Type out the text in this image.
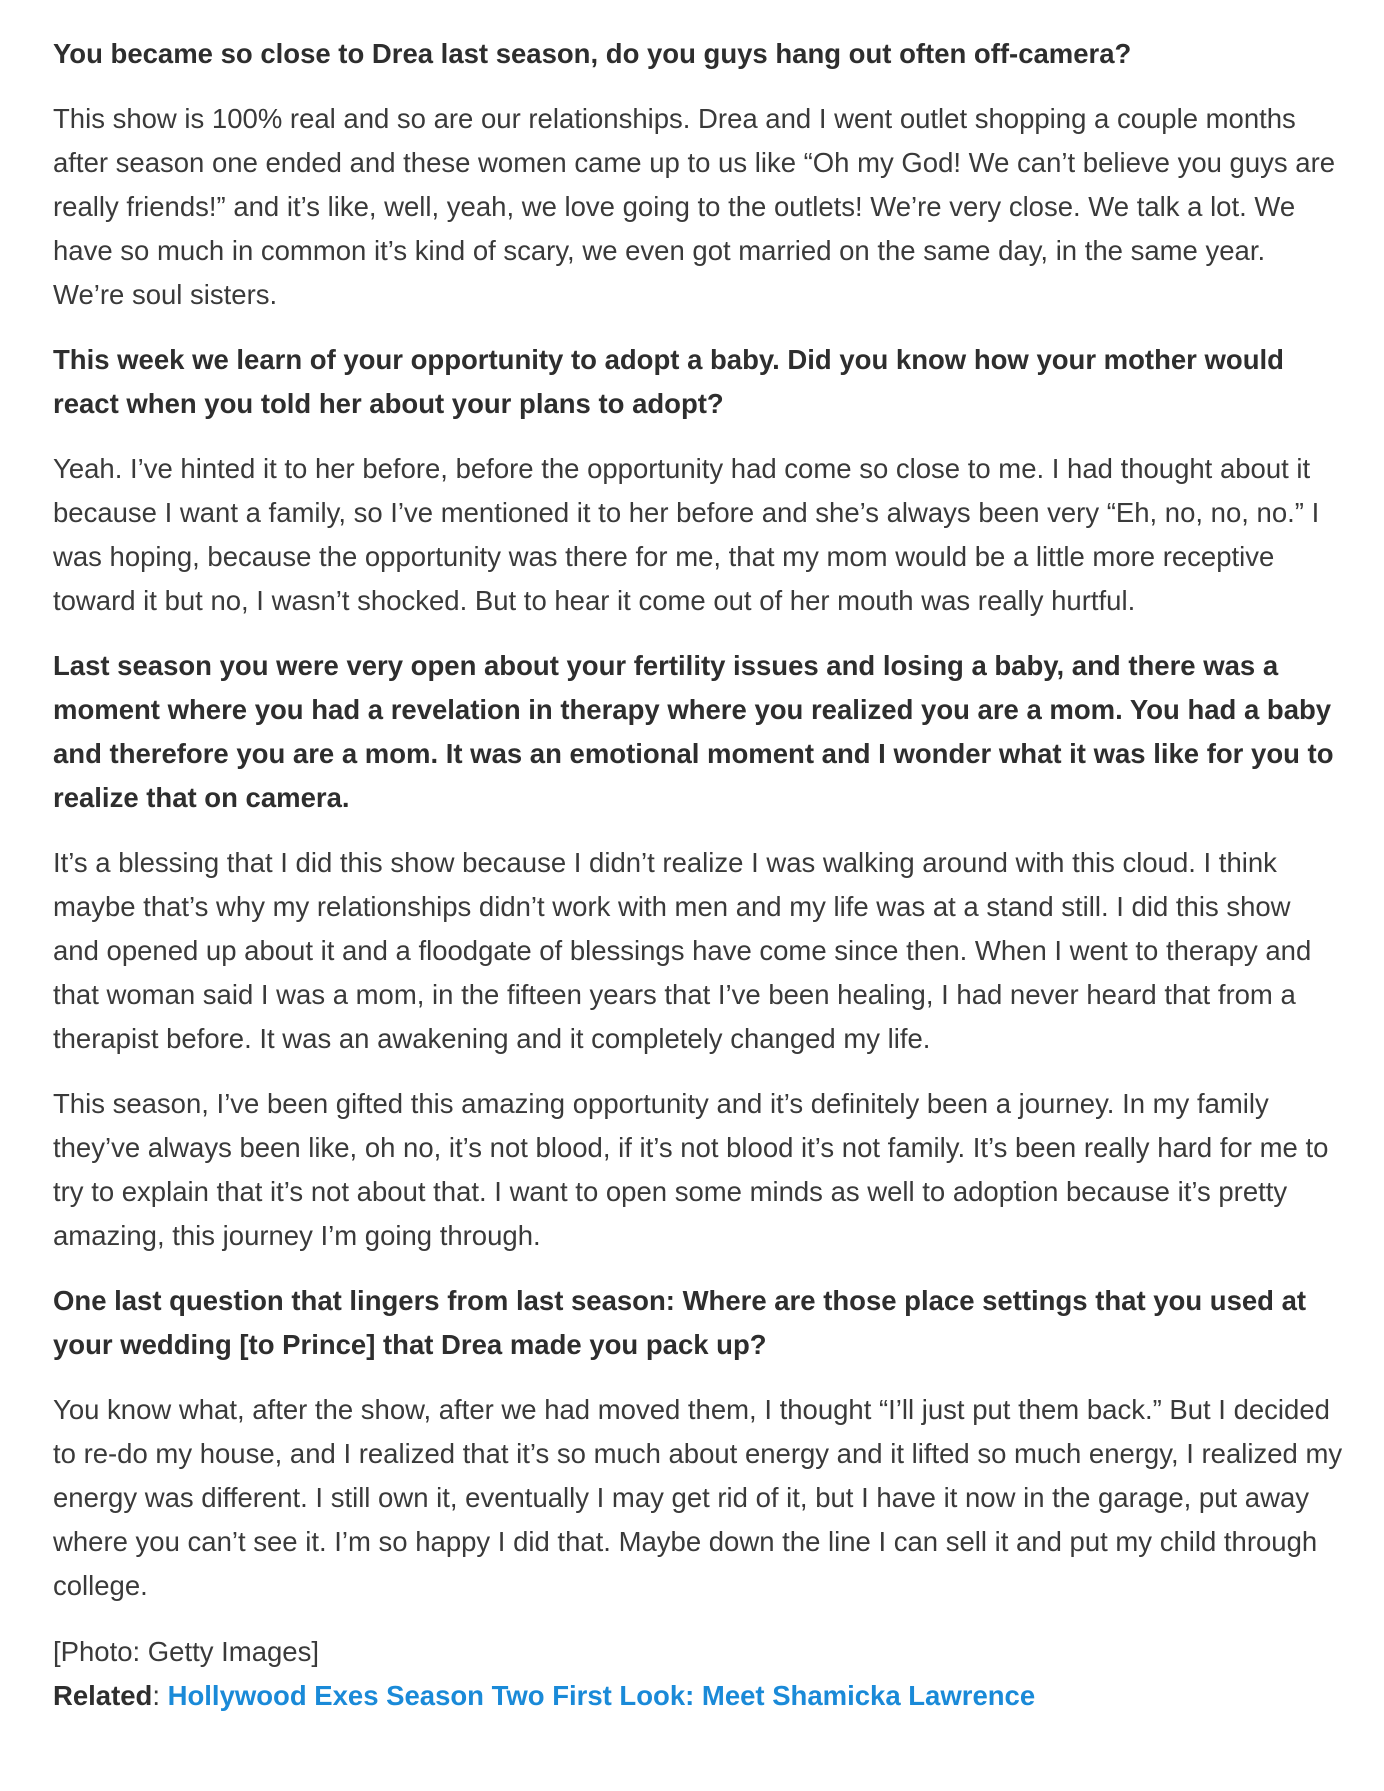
You became so close to Drea last season, do you guys hang out often off-camera?

This show is 100% real and so are our relationships. Drea and I went outlet shopping a couple months after season one ended and these women came up to us like “Oh my God! We can’t believe you guys are really friends!” and it’s like, well, yeah, we love going to the outlets! We’re very close. We talk a lot. We have so much in common it’s kind of scary, we even got married on the same day, in the same year. We’re soul sisters.

This week we learn of your opportunity to adopt a baby. Did you know how your mother would react when you told her about your plans to adopt?

Yeah. I’ve hinted it to her before, before the opportunity had come so close to me. I had thought about it because I want a family, so I’ve mentioned it to her before and she’s always been very “Eh, no, no, no.” I was hoping, because the opportunity was there for me, that my mom would be a little more receptive toward it but no, I wasn’t shocked. But to hear it come out of her mouth was really hurtful.

Last season you were very open about your fertility issues and losing a baby, and there was a moment where you had a revelation in therapy where you realized you are a mom. You had a baby and therefore you are a mom. It was an emotional moment and I wonder what it was like for you to realize that on camera.

It’s a blessing that I did this show because I didn’t realize I was walking around with this cloud. I think maybe that’s why my relationships didn’t work with men and my life was at a stand still. I did this show and opened up about it and a floodgate of blessings have come since then. When I went to therapy and that woman said I was a mom, in the fifteen years that I’ve been healing, I had never heard that from a therapist before. It was an awakening and it completely changed my life.

This season, I’ve been gifted this amazing opportunity and it’s definitely been a journey. In my family they’ve always been like, oh no, it’s not blood, if it’s not blood it’s not family. It’s been really hard for me to try to explain that it’s not about that. I want to open some minds as well to adoption because it’s pretty amazing, this journey I’m going through.

One last question that lingers from last season: Where are those place settings that you used at your wedding [to Prince] that Drea made you pack up?

You know what, after the show, after we had moved them, I thought “I’ll just put them back.” But I decided to re-do my house, and I realized that it’s so much about energy and it lifted so much energy, I realized my energy was different. I still own it, eventually I may get rid of it, but I have it now in the garage, put away where you can’t see it. I’m so happy I did that. Maybe down the line I can sell it and put my child through college.

[Photo: Getty Images]

Related: Hollywood Exes Season Two First Look: Meet Shamicka Lawrence
